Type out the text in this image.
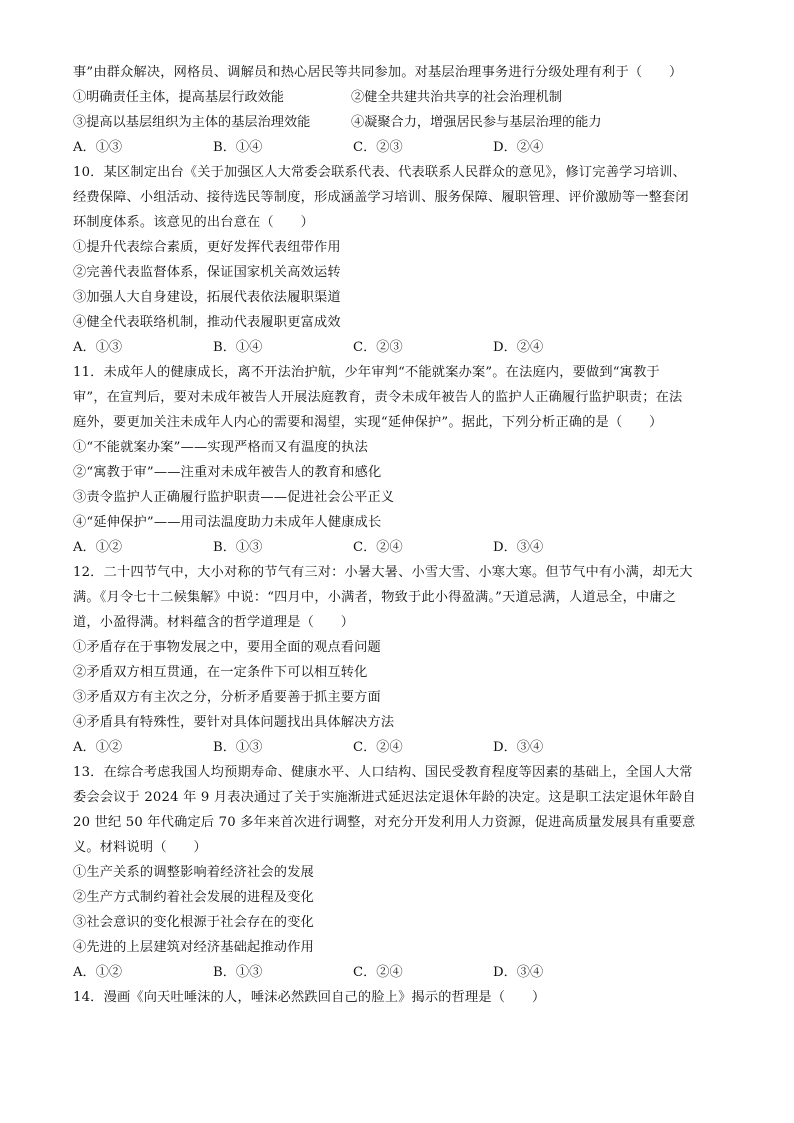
事”由群众解决，网格员、调解员和热心居民等共同参加。对基层治理事务进行分级处理有利于（　　）
①明确责任主体，提高基层行政效能	②健全共建共治共享的社会治理机制
③提高以基层组织为主体的基层治理效能	④凝聚合力，增强居民参与基层治理的能力
A．①③	B．①④	C．②③	D．②④
10．某区制定出台《关于加强区人大常委会联系代表、代表联系人民群众的意见》，修订完善学习培训、
经费保障、小组活动、接待选民等制度，形成涵盖学习培训、服务保障、履职管理、评价激励等一整套闭
环制度体系。该意见的出台意在（　　）
①提升代表综合素质，更好发挥代表纽带作用
②完善代表监督体系，保证国家机关高效运转
③加强人大自身建设，拓展代表依法履职渠道
④健全代表联络机制，推动代表履职更富成效
A．①③	B．①④	C．②③	D．②④
11．未成年人的健康成长，离不开法治护航，少年审判“不能就案办案”。在法庭内，要做到“寓教于
审”，在宣判后，要对未成年被告人开展法庭教育，责令未成年被告人的监护人正确履行监护职责；在法
庭外，要更加关注未成年人内心的需要和渴望，实现“延伸保护”。据此，下列分析正确的是（　　）
①“不能就案办案”——实现严格而又有温度的执法
②“寓教于审”——注重对未成年被告人的教育和感化
③责令监护人正确履行监护职责——促进社会公平正义
④“延伸保护”——用司法温度助力未成年人健康成长
A．①②	B．①③	C．②④	D．③④
12．二十四节气中，大小对称的节气有三对：小暑大暑、小雪大雪、小寒大寒。但节气中有小满，却无大
满。《月令七十二候集解》中说：“四月中，小满者，物致于此小得盈满。”天道忌满，人道忌全，中庸之
道，小盈得满。材料蕴含的哲学道理是（　　）
①矛盾存在于事物发展之中，要用全面的观点看问题
②矛盾双方相互贯通，在一定条件下可以相互转化
③矛盾双方有主次之分，分析矛盾要善于抓主要方面
④矛盾具有特殊性，要针对具体问题找出具体解决方法
A．①②	B．①③	C．②④	D．③④
13．在综合考虑我国人均预期寿命、健康水平、人口结构、国民受教育程度等因素的基础上，全国人大常
委会会议于 2024 年 9 月表决通过了关于实施渐进式延迟法定退休年龄的决定。这是职工法定退休年龄自
20 世纪 50 年代确定后 70 多年来首次进行调整，对充分开发利用人力资源，促进高质量发展具有重要意
义。材料说明（　　）
①生产关系的调整影响着经济社会的发展
②生产方式制约着社会发展的进程及变化
③社会意识的变化根源于社会存在的变化
④先进的上层建筑对经济基础起推动作用
A．①②	B．①③	C．②④	D．③④
14．漫画《向天吐唾沫的人，唾沫必然跌回自己的脸上》揭示的哲理是（　　）
